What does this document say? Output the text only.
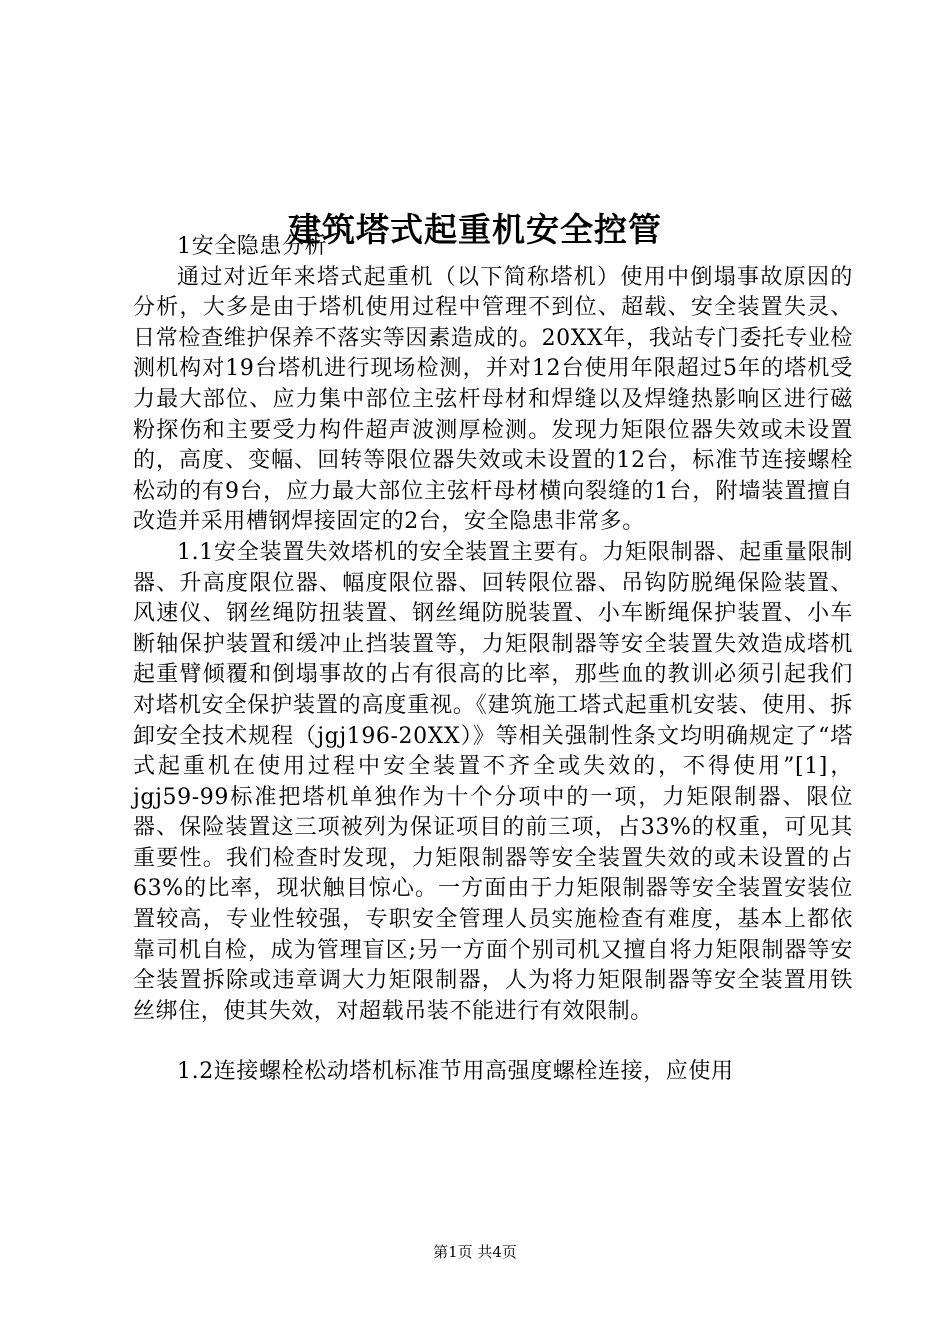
建筑塔式起重机安全控管

1安全隐患分析

通过对近年来塔式起重机（以下简称塔机）使用中倒塌事故原因的分析，大多是由于塔机使用过程中管理不到位、超载、安全装置失灵、日常检查维护保养不落实等因素造成的。20XX年，我站专门委托专业检测机构对19台塔机进行现场检测，并对12台使用年限超过5年的塔机受力最大部位、应力集中部位主弦杆母材和焊缝以及焊缝热影响区进行磁粉探伤和主要受力构件超声波测厚检测。发现力矩限位器失效或未设置的，高度、变幅、回转等限位器失效或未设置的12台，标准节连接螺栓松动的有9台，应力最大部位主弦杆母材横向裂缝的1台，附墙装置擅自改造并采用槽钢焊接固定的2台，安全隐患非常多。

1.1安全装置失效塔机的安全装置主要有。力矩限制器、起重量限制器、升高度限位器、幅度限位器、回转限位器、吊钩防脱绳保险装置、风速仪、钢丝绳防扭装置、钢丝绳防脱装置、小车断绳保护装置、小车断轴保护装置和缓冲止挡装置等，力矩限制器等安全装置失效造成塔机起重臂倾覆和倒塌事故的占有很高的比率，那些血的教训必须引起我们对塔机安全保护装置的高度重视。《建筑施工塔式起重机安装、使用、拆卸安全技术规程（jgj196-20XX）》等相关强制性条文均明确规定了“塔式起重机在使用过程中安全装置不齐全或失效的，不得使用”[1]，jgj59-99标准把塔机单独作为十个分项中的一项，力矩限制器、限位器、保险装置这三项被列为保证项目的前三项，占33%的权重，可见其重要性。我们检查时发现，力矩限制器等安全装置失效的或未设置的占63%的比率，现状触目惊心。一方面由于力矩限制器等安全装置安装位置较高，专业性较强，专职安全管理人员实施检查有难度，基本上都依靠司机自检，成为管理盲区;另一方面个别司机又擅自将力矩限制器等安全装置拆除或违章调大力矩限制器，人为将力矩限制器等安全装置用铁丝绑住，使其失效，对超载吊装不能进行有效限制。

1.2连接螺栓松动塔机标准节用高强度螺栓连接，应使用

第1页 共4页
